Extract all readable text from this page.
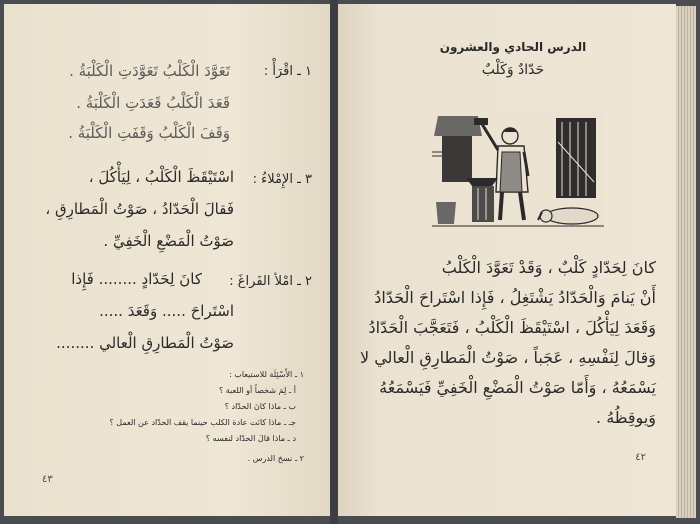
١ ـ اقْرَأْ :
تَعَوَّدَ الْكَلْبُ تَعَوَّدَتِ الْكَلْبَةُ .
قَعَدَ الْكَلْبُ قَعَدَتِ الْكَلْبَةُ .
وَقَفَ الْكَلْبُ وَقَفَتِ الْكَلْبَةُ .
٣ ـ الإِمْلاءُ :
اسْتَيْقَظَ الْكَلْبُ ، لِيَأْكُلَ ،
فَقالَ الْحَدّادُ ، صَوْتُ الْمَطارِقِ ،
صَوْتُ الْمَضْعِ الْخَفِيِّ .
٢ ـ امْلأ الفَراغَ :
كانَ لِحَدّادٍ ........ فَإِذا
اسْتَراحَ ..... وَقَعَدَ .....
صَوْتُ الْمَطارِقِ الْعالي ........
١ ـ الأَسْئِلَة للاستيعاب :
أ ـ لِمَ شخصاً أو اللعبة ؟
ب ـ ماذا كانَ الحدّاد ؟
جـ ـ ماذا كانَت عادة الكلب حينما يقف الحدّاد عن العمل ؟
د ـ ماذا قالَ الحدّاد لنفسه ؟
٢ ـ نسخ الدرس .
٤٣
الدرس الحادي والعشرون
حَدّادٌ وَكَلْبٌ
كانَ لِحَدّادٍ كَلْبٌ ، وَقَدْ تَعَوَّدَ الْكَلْبُ
أَنْ يَنامَ وَالْحَدّادُ يَشْتَغِلُ ، فَإِذا اسْتَراحَ الْحَدّادُ
وَقَعَدَ لِيَأْكُلَ ، اسْتَيْقَظَ الْكَلْبُ ، فَتَعَجَّبَ الْحَدّادُ
وَقالَ لِنَفْسِهِ ، عَجَباً ، صَوْتُ الْمَطارِقِ الْعالي لا
يَسْمَعُهُ ، وَأَمّا صَوْتُ الْمَضْعِ الْخَفِيِّ فَيَسْمَعُهُ
وَيوقِظُهُ .
٤٢
